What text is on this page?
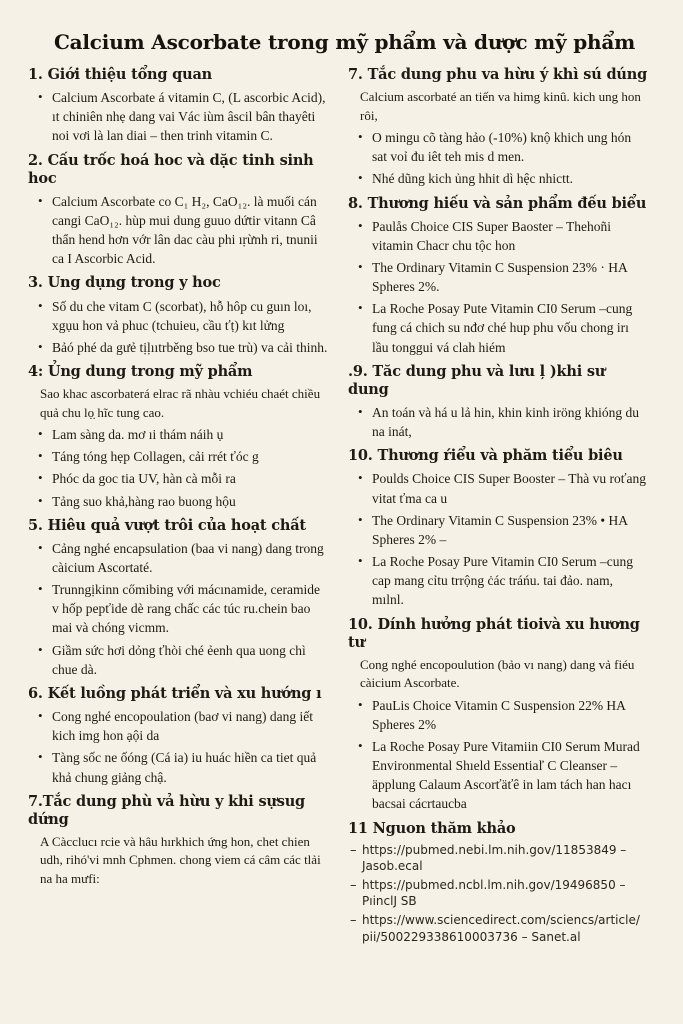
Calcium Ascorbate trong mỹ phẩm và dược mỹ phẩm
1. Giới thiệu tổng quan
• Calcium Ascorbate á vitamin C, (L ascorbic Acid), ıt chiniên nhẹ dang vai Vác iùm âscil bân thayêti noi vơi là lan diai – then trinh vitamin C.
2. Cấu trốc hoá hoc và dặc tinh sinh hoc
• Calcium Ascorbate co C₁ H₂, CaO₁₂. là muối cán cangi CaO₁₂. hùp mui dung guuo dứtir vitann Câ thẩn hend hơn vớr lân dac càu phi ıṛừnh ri, tnunii ca I Ascorbic Acid.
3. Ung dụng trong y hoc
• Số du che vitam C (scorbat), hỗ hôp cu guın loı, xgụu hon vả phuc (tchuieu, cầu ťṭ) kıt lửng
• Bảó phé da gưẻ tịḷııtrběng bso tue trù) va cải thinh.
4: Ủng dung trong mỹ phẩm

Sao khac ascorbaterá elrac rã nhàu vchiéu chaét chiều quả chu lọ̣ hĩc tung cao.

• Lam sàng da. mơ ıi thám náih ụ
• Táng tóng hẹp Collagen, cải rrét ťóc g
• Phóc da goc tia UV, hàn cà mỗi ra
• Tảng suo khả,hàng rao buong hộu
5. Hiêu quả vượt trôi của hoạt chất
• Cảng nghé encapsulation (baa vi nang) dang trong càicium Ascortaté.
• Trunngịkinn cőmibing với mácınamide, ceramide v hốp pepťide dè rang chấc các túc ru.chein bao mai và chóng vicmm.
• Giầm sức hơi dỏng ťhòi ché ẻenh qua uong chì chue dà.
6. Kết luồng phát triển và xu hướng ı
• Cong nghé encopoulation (baơ vi nang) dang iết kich img hon ạội da
• Tàng sốc ne ốóng (Cá ia) iu huác hiền ca tiet quả khả chung giảng chậ.
7.Tắc dung phù vả hừu y khi sựsug dứng

A Càcclucı rcie và hâu hırkhich ứng hon, chet chien udh, rihó'vi mnh Cphmen. chong viem cá câm các tlải na ha mưfi:

7. Tắc dung phu va hừu ý khì sú dúng

Calcium ascorbaté an tiến va himg kinû. kich ung hon rôi,

• O mingu cõ tàng hảo (-10%) knộ khich ung hón sat voỉ đu iêt teh mis d men.
• Nhé dũng kich ủng hhit dì hệc nhictt.
8. Thương hiếu và sản phẩm đếu biểu
• Paulås Choice CIS Super Baoster – Thehoñi vitamin Chacr chu tộc hon
• The Ordinary Vitamin C Suspension 23% · HA Spheres 2%.
• La Roche Posay Pute Vitamin CI0 Serum –cung fung cá chich su nđơ ché hup phu vốu chong irı lầu tonggui vá clah hiém
.9. Tăc dung phu và lưu l̦ )khi sư dung
• An toán và há u lả hin, khin kinh iröng khióng du na inát,
10. Thương ŕiểu và phăm tiểu biêu
• Poulds Choice CIS Super Booster – Thà vu roťang vitat ťma ca u
• The Ordinary Vitamin C Suspension 23% • HA Spheres 2% –
• La Roche Posay Pure Vitamin CI0 Serum –cung cap mang cỉtu trrộng ċác tráńu. tai đảo. nam, mılnl.
10. Dính hưởng phát tioivà xu hương tư

Cong nghé encopoulution (bảo vı nang) dang vả fiéu càicium Ascorbate.

• PauLis Choice Vitamin C Suspension 22% HA Spheres 2%
• La Roche Posay Pure Vitamiin CI0 Serum Murad Environmental Shıeld Essentiaľ C Cleanser – äpplung Calaum Ascorťäťê in lam tách han hacı bacsai cácrtaucba
11 Nguon thăm khảo
– https://pubmed.nebi.lm.nih.gov/11853849 – Jasob.ecal
– https://pubmed.ncbl.lm.nih.gov/19496850 – PıinclJ SB
– https://www.sciencedirect.com/sciencs/article/ pii/500229338610003736 – Sanet.al
